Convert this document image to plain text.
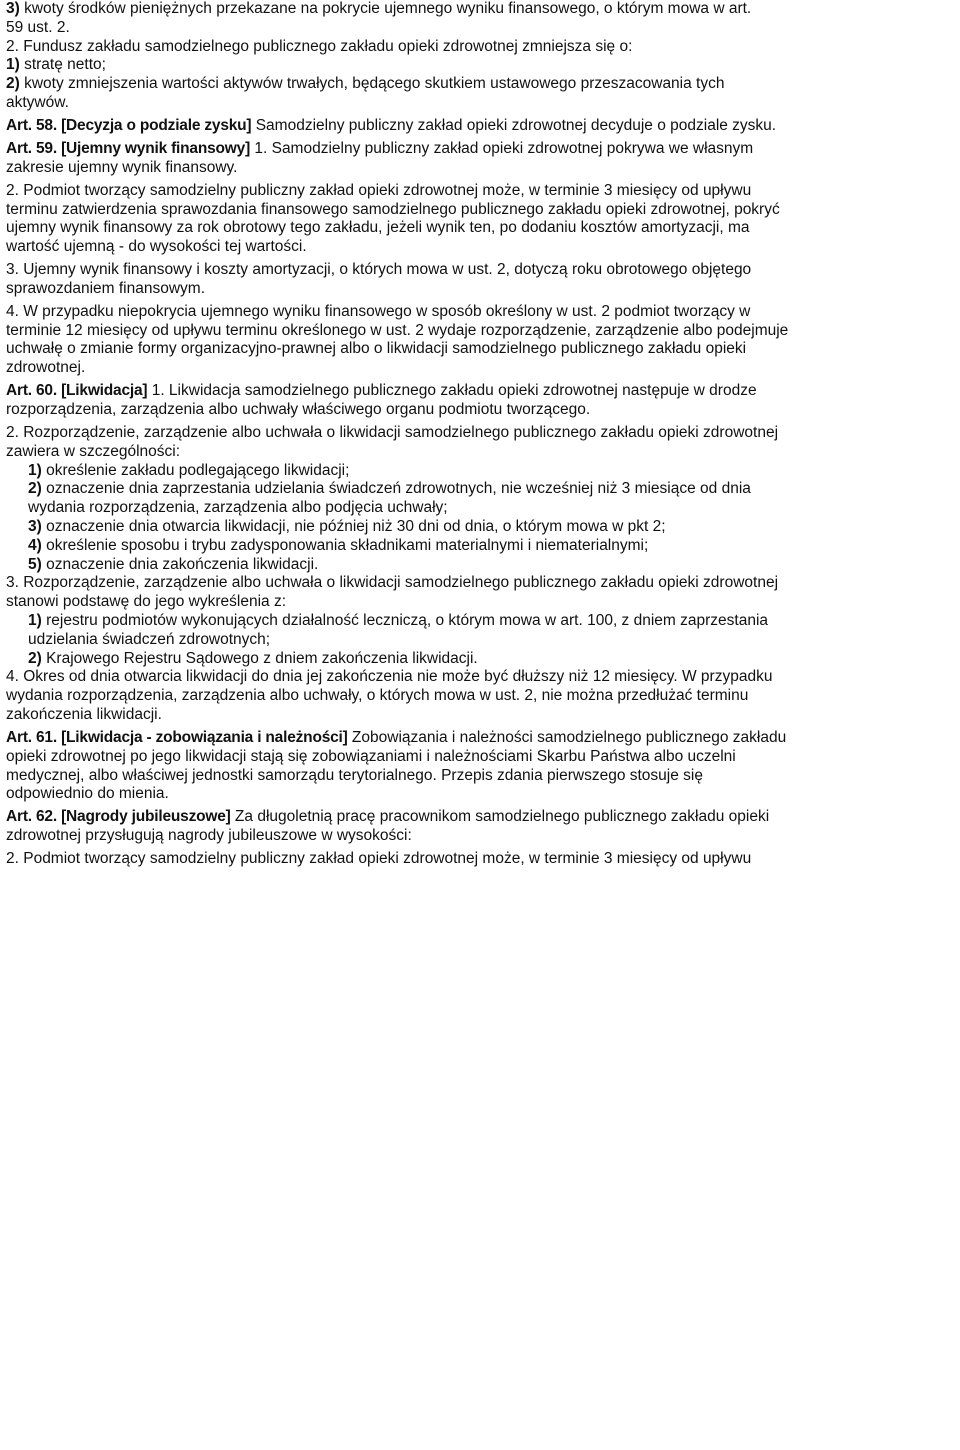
3) kwoty środków pieniężnych przekazane na pokrycie ujemnego wyniku finansowego, o którym mowa w art.
59 ust. 2.
2. Fundusz zakładu samodzielnego publicznego zakładu opieki zdrowotnej zmniejsza się o:
1) stratę netto;
2) kwoty zmniejszenia wartości aktywów trwałych, będącego skutkiem ustawowego przeszacowania tych
aktywów.
Art. 58. [Decyzja o podziale zysku] Samodzielny publiczny zakład opieki zdrowotnej decyduje o podziale zysku.
Art. 59. [Ujemny wynik finansowy] 1. Samodzielny publiczny zakład opieki zdrowotnej pokrywa we własnym
zakresie ujemny wynik finansowy.
2. Podmiot tworzący samodzielny publiczny zakład opieki zdrowotnej może, w terminie 3 miesięcy od upływu
terminu zatwierdzenia sprawozdania finansowego samodzielnego publicznego zakładu opieki zdrowotnej, pokryć
ujemny wynik finansowy za rok obrotowy tego zakładu, jeżeli wynik ten, po dodaniu kosztów amortyzacji, ma
wartość ujemną - do wysokości tej wartości.
3. Ujemny wynik finansowy i koszty amortyzacji, o których mowa w ust. 2, dotyczą roku obrotowego objętego
sprawozdaniem finansowym.
4. W przypadku niepokrycia ujemnego wyniku finansowego w sposób określony w ust. 2 podmiot tworzący w
terminie 12 miesięcy od upływu terminu określonego w ust. 2 wydaje rozporządzenie, zarządzenie albo podejmuje
uchwałę o zmianie formy organizacyjno-prawnej albo o likwidacji samodzielnego publicznego zakładu opieki
zdrowotnej.
Art. 60. [Likwidacja] 1. Likwidacja samodzielnego publicznego zakładu opieki zdrowotnej następuje w drodze
rozporządzenia, zarządzenia albo uchwały właściwego organu podmiotu tworzącego.
2. Rozporządzenie, zarządzenie albo uchwała o likwidacji samodzielnego publicznego zakładu opieki zdrowotnej
zawiera w szczególności:
1) określenie zakładu podlegającego likwidacji;
2) oznaczenie dnia zaprzestania udzielania świadczeń zdrowotnych, nie wcześniej niż 3 miesiące od dnia
wydania rozporządzenia, zarządzenia albo podjęcia uchwały;
3) oznaczenie dnia otwarcia likwidacji, nie później niż 30 dni od dnia, o którym mowa w pkt 2;
4) określenie sposobu i trybu zadysponowania składnikami materialnymi i niematerialnymi;
5) oznaczenie dnia zakończenia likwidacji.
3. Rozporządzenie, zarządzenie albo uchwała o likwidacji samodzielnego publicznego zakładu opieki zdrowotnej
stanowi podstawę do jego wykreślenia z:
1) rejestru podmiotów wykonujących działalność leczniczą, o którym mowa w art. 100, z dniem zaprzestania
udzielania świadczeń zdrowotnych;
2) Krajowego Rejestru Sądowego z dniem zakończenia likwidacji.
4. Okres od dnia otwarcia likwidacji do dnia jej zakończenia nie może być dłuższy niż 12 miesięcy. W przypadku
wydania rozporządzenia, zarządzenia albo uchwały, o których mowa w ust. 2, nie można przedłużać terminu
zakończenia likwidacji.
Art. 61. [Likwidacja - zobowiązania i należności] Zobowiązania i należności samodzielnego publicznego zakładu
opieki zdrowotnej po jego likwidacji stają się zobowiązaniami i należnościami Skarbu Państwa albo uczelni
medycznej, albo właściwej jednostki samorządu terytorialnego. Przepis zdania pierwszego stosuje się
odpowiednio do mienia.
Art. 62. [Nagrody jubileuszowe] Za długoletnią pracę pracownikom samodzielnego publicznego zakładu opieki
zdrowotnej przysługują nagrody jubileuszowe w wysokości:
2. Podmiot tworzący samodzielny publiczny zakład opieki zdrowotnej może, w terminie 3 miesięcy od upływu
